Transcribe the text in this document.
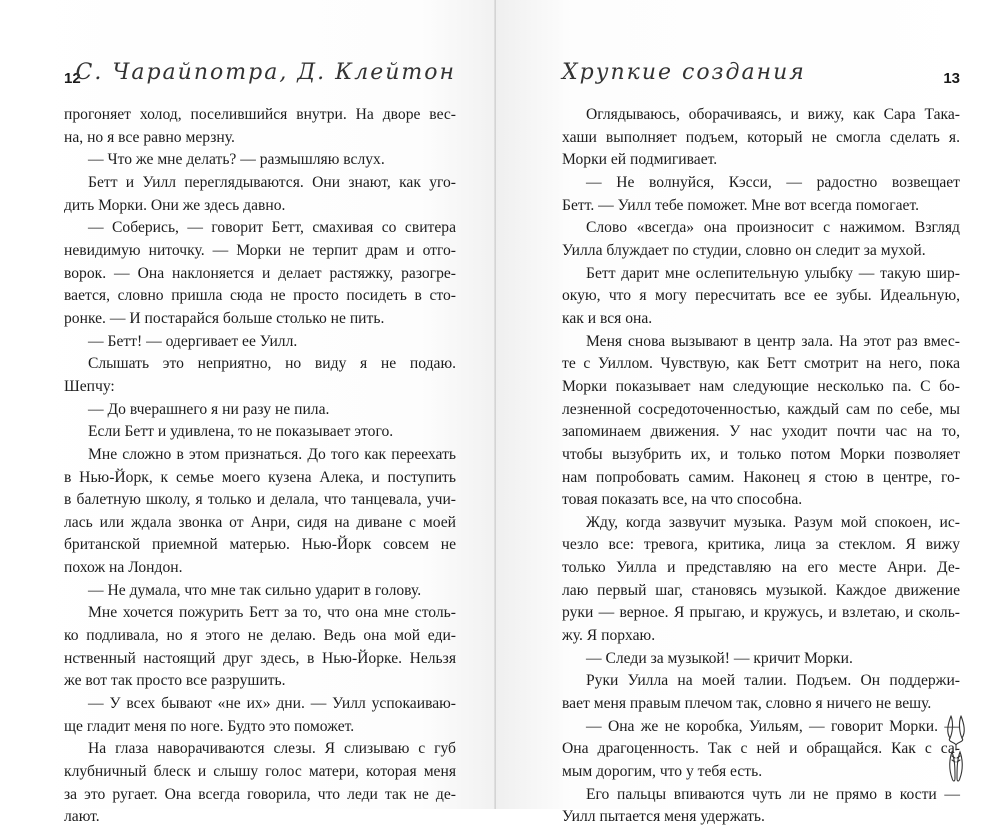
12
С. Чарайпотра, Д. Клейтон

прогоняет холод, поселившийся внутри. На дворе вес-
на, но я все равно мерзну.

— Что же мне делать? — размышляю вслух.

Бетт и Уилл переглядываются. Они знают, как уго-
дить Морки. Они же здесь давно.

— Соберись, — говорит Бетт, смахивая со свитера
невидимую ниточку. — Морки не терпит драм и отго-
ворок. — Она наклоняется и делает растяжку, разогре-
вается, словно пришла сюда не просто посидеть в сто-
ронке. — И постарайся больше столько не пить.

— Бетт! — одергивает ее Уилл.

Слышать это неприятно, но виду я не подаю.
Шепчу:

— До вчерашнего я ни разу не пила.

Если Бетт и удивлена, то не показывает этого.

Мне сложно в этом признаться. До того как переехать
в Нью-Йорк, к семье моего кузена Алека, и поступить
в балетную школу, я только и делала, что танцевала, учи-
лась или ждала звонка от Анри, сидя на диване с моей
британской приемной матерью. Нью-Йорк совсем не
похож на Лондон.

— Не думала, что мне так сильно ударит в голову.

Мне хочется пожурить Бетт за то, что она мне столь-
ко подливала, но я этого не делаю. Ведь она мой еди-
нственный настоящий друг здесь, в Нью-Йорке. Нельзя
же вот так просто все разрушить.

— У всех бывают «не их» дни. — Уилл успокаиваю-
ще гладит меня по ноге. Будто это поможет.

На глаза наворачиваются слезы. Я слизываю с губ
клубничный блеск и слышу голос матери, которая меня
за это ругает. Она всегда говорила, что леди так не де-
лают.

Хрупкие создания	13

Оглядываюсь, оборачиваясь, и вижу, как Сара Така-
хаши выполняет подъем, который не смогла сделать я.
Морки ей подмигивает.

— Не волнуйся, Кэсси, — радостно возвещает
Бетт. — Уилл тебе поможет. Мне вот всегда помогает.

Слово «всегда» она произносит с нажимом. Взгляд
Уилла блуждает по студии, словно он следит за мухой.

Бетт дарит мне ослепительную улыбку — такую шир-
окую, что я могу пересчитать все ее зубы. Идеальную,
как и вся она.

Меня снова вызывают в центр зала. На этот раз вмес-
те с Уиллом. Чувствую, как Бетт смотрит на него, пока
Морки показывает нам следующие несколько па. С бо-
лезненной сосредоточенностью, каждый сам по себе, мы
запоминаем движения. У нас уходит почти час на то,
чтобы вызубрить их, и только потом Морки позволяет
нам попробовать самим. Наконец я стою в центре, го-
товая показать все, на что способна.

Жду, когда зазвучит музыка. Разум мой спокоен, ис-
чезло все: тревога, критика, лица за стеклом. Я вижу
только Уилла и представляю на его месте Анри. Де-
лаю первый шаг, становясь музыкой. Каждое движение
руки — верное. Я прыгаю, и кружусь, и взлетаю, и сколь-
жу. Я порхаю.

— Следи за музыкой! — кричит Морки.

Руки Уилла на моей талии. Подъем. Он поддержи-
вает меня правым плечом так, словно я ничего не вешу.

— Она же не коробка, Уильям, — говорит Морки. —
Она драгоценность. Так с ней и обращайся. Как с са-
мым дорогим, что у тебя есть.

Его пальцы впиваются чуть ли не прямо в кости —
Уилл пытается меня удержать.
